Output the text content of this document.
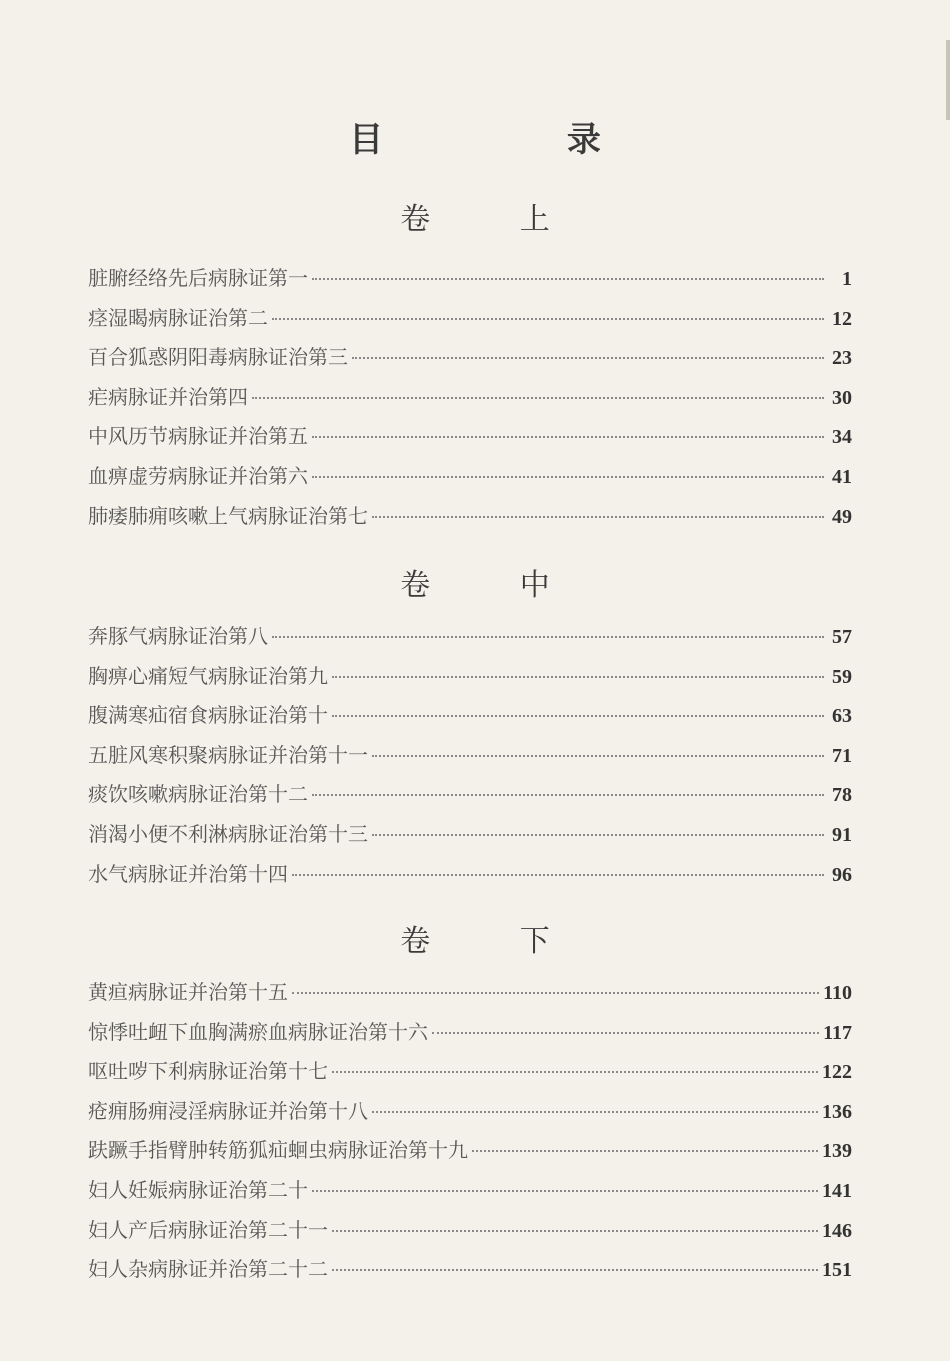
目 录
卷 上
脏腑经络先后病脉证第一	1
痉湿暍病脉证治第二	12
百合狐惑阴阳毒病脉证治第三	23
疟病脉证并治第四	30
中风历节病脉证并治第五	34
血痹虚劳病脉证并治第六	41
肺痿肺痈咳嗽上气病脉证治第七	49
卷 中
奔豚气病脉证治第八	57
胸痹心痛短气病脉证治第九	59
腹满寒疝宿食病脉证治第十	63
五脏风寒积聚病脉证并治第十一	71
痰饮咳嗽病脉证治第十二	78
消渴小便不利淋病脉证治第十三	91
水气病脉证并治第十四	96
卷 下
黄疸病脉证并治第十五	110
惊悸吐衄下血胸满瘀血病脉证治第十六	117
呕吐哕下利病脉证治第十七	122
疮痈肠痈浸淫病脉证并治第十八	136
趺蹶手指臂肿转筋狐疝蛔虫病脉证治第十九	139
妇人妊娠病脉证治第二十	141
妇人产后病脉证治第二十一	146
妇人杂病脉证并治第二十二	151
